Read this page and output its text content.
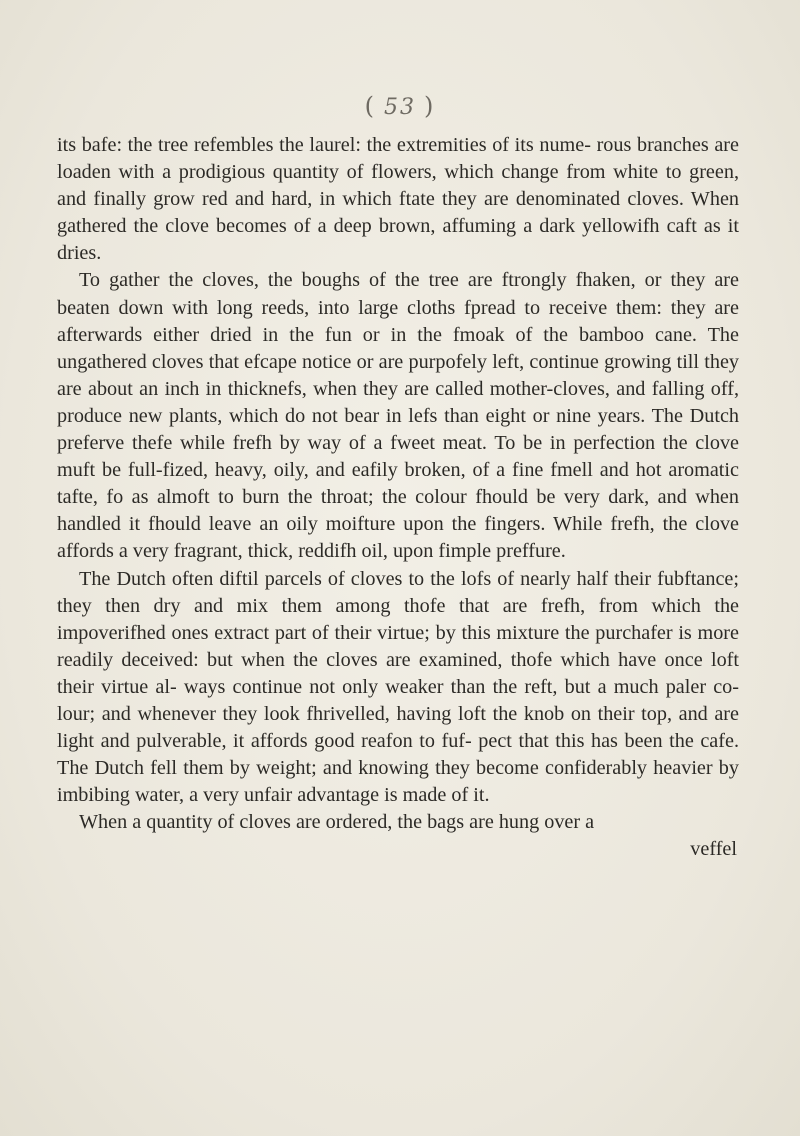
( 53 )

its bafe: the tree refembles the laurel: the extremities of its nume- rous branches are loaden with a prodigious quantity of flowers, which change from white to green, and finally grow red and hard, in which ftate they are denominated cloves. When gathered the clove becomes of a deep brown, affuming a dark yellowifh caft as it dries.

To gather the cloves, the boughs of the tree are ftrongly fhaken, or they are beaten down with long reeds, into large cloths fpread to receive them: they are afterwards either dried in the fun or in the fmoak of the bamboo cane. The ungathered cloves that efcape notice or are purpofely left, continue growing till they are about an inch in thicknefs, when they are called mother-cloves, and falling off, produce new plants, which do not bear in lefs than eight or nine years. The Dutch preferve thefe while frefh by way of a fweet meat. To be in perfection the clove muft be full-fized, heavy, oily, and eafily broken, of a fine fmell and hot aromatic tafte, fo as almoft to burn the throat; the colour fhould be very dark, and when handled it fhould leave an oily moifture upon the fingers. While frefh, the clove affords a very fragrant, thick, reddifh oil, upon fimple preffure.

The Dutch often diftil parcels of cloves to the lofs of nearly half their fubftance; they then dry and mix them among thofe that are frefh, from which the impoverifhed ones extract part of their virtue; by this mixture the purchafer is more readily deceived: but when the cloves are examined, thofe which have once loft their virtue al- ways continue not only weaker than the reft, but a much paler co- lour; and whenever they look fhrivelled, having loft the knob on their top, and are light and pulverable, it affords good reafon to fuf- pect that this has been the cafe. The Dutch fell them by weight; and knowing they become confiderably heavier by imbibing water, a very unfair advantage is made of it.

When a quantity of cloves are ordered, the bags are hung over a

veffel
